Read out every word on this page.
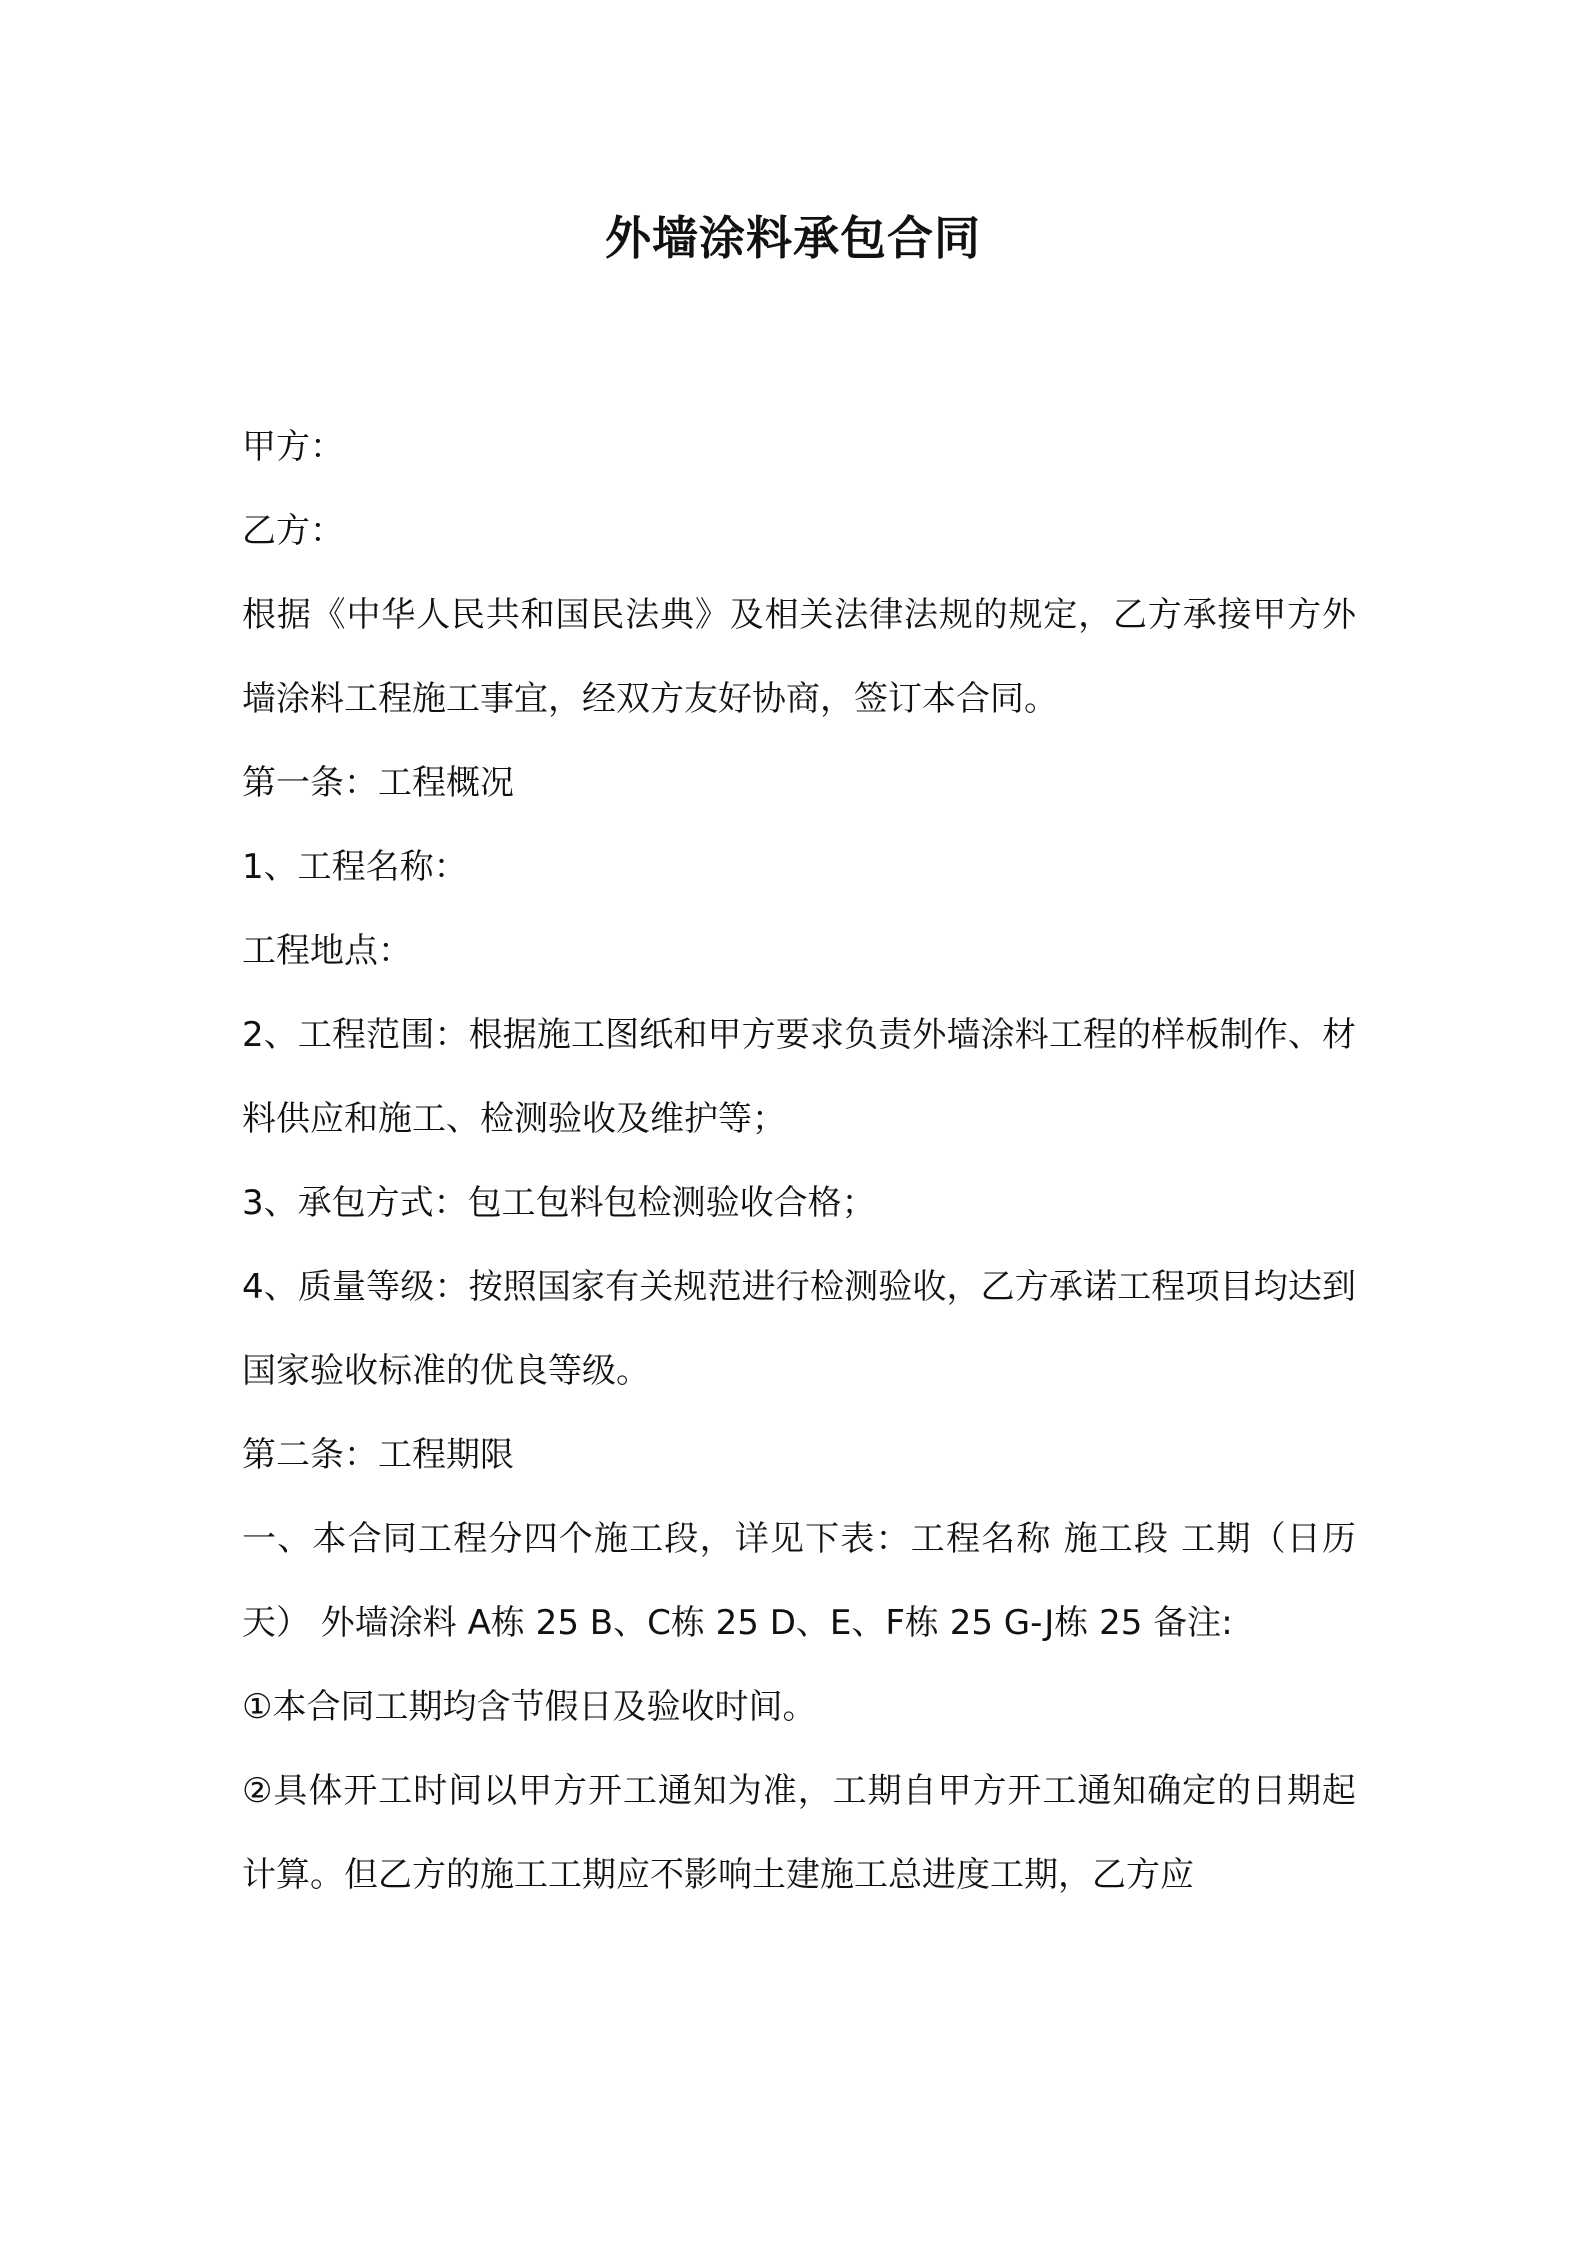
外墙涂料承包合同

甲方：

乙方：

根据《中华人民共和国民法典》及相关法律法规的规定，乙方承接甲方外墙涂料工程施工事宜，经双方友好协商，签订本合同。

第一条：工程概况

1、工程名称：

工程地点：

2、工程范围：根据施工图纸和甲方要求负责外墙涂料工程的样板制作、材料供应和施工、检测验收及维护等；

3、承包方式：包工包料包检测验收合格；

4、质量等级：按照国家有关规范进行检测验收，乙方承诺工程项目均达到国家验收标准的优良等级。

第二条：工程期限

一、本合同工程分四个施工段，详见下表：工程名称 施工段 工期（日历天） 外墙涂料 A栋 25 B、C栋 25 D、E、F栋 25 G-J栋 25 备注:

①本合同工期均含节假日及验收时间。

②具体开工时间以甲方开工通知为准，工期自甲方开工通知确定的日期起计算。但乙方的施工工期应不影响土建施工总进度工期，乙方应
